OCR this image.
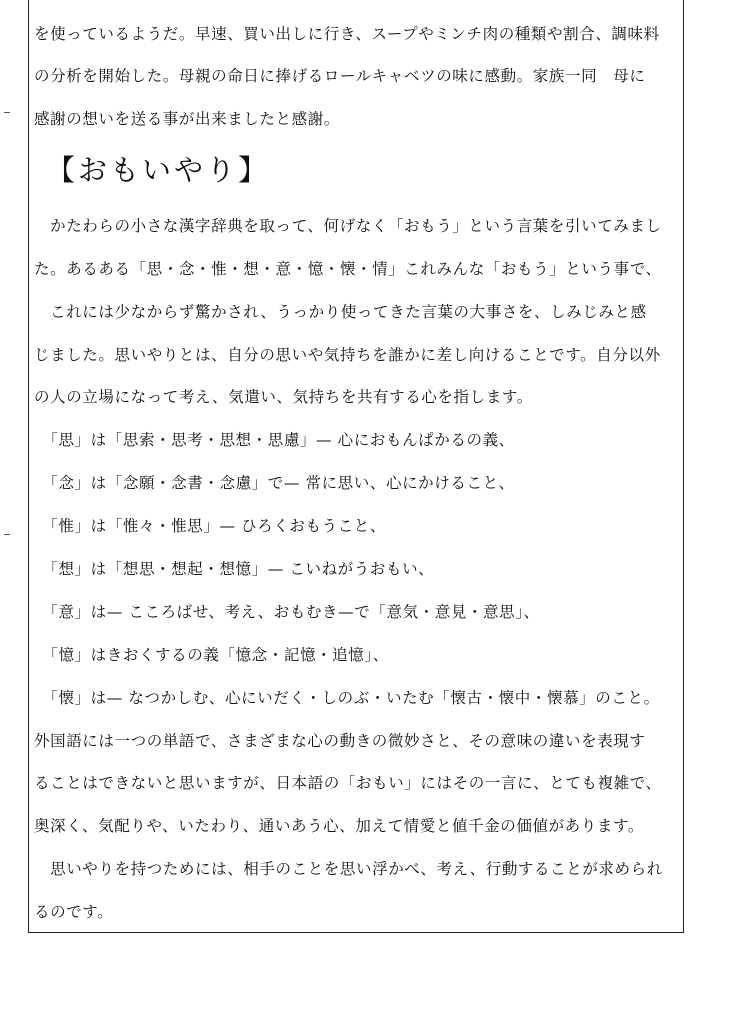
を使っているようだ。早速、買い出しに行き、スープやミンチ肉の種類や割合、調味料
の分析を開始した。母親の命日に捧げるロールキャベツの味に感動。家族一同　母に
感謝の想いを送る事が出来ましたと感謝。
【おもいやり】
　かたわらの小さな漢字辞典を取って、何げなく「おもう」という言葉を引いてみまし
た。あるある「思・念・惟・想・意・憶・懐・情」これみんな「おもう」という事で、
　これには少なからず驚かされ、うっかり使ってきた言葉の大事さを、しみじみと感
じました。思いやりとは、自分の思いや気持ちを誰かに差し向けることです。自分以外
の人の立場になって考え、気遣い、気持ちを共有する心を指します。
　「思」は「思索・思考・思想・思慮」— 心におもんぱかるの義、
　「念」は「念願・念書・念慮」で— 常に思い、心にかけること、
　「惟」は「惟々・惟思」— ひろくおもうこと、
　「想」は「想思・想起・想憶」— こいねがうおもい、
　「意」は— こころばせ、考え、おもむき—で「意気・意見・意思」、
　「憶」はきおくするの義「憶念・記憶・追憶」、
　「懐」は— なつかしむ、心にいだく・しのぶ・いたむ「懐古・懐中・懐慕」のこと。
外国語には一つの単語で、さまざまな心の動きの微妙さと、その意味の違いを表現す
ることはできないと思いますが、日本語の「おもい」にはその一言に、とても複雑で、
奥深く、気配りや、いたわり、通いあう心、加えて情愛と値千金の価値があります。
　思いやりを持つためには、相手のことを思い浮かべ、考え、行動することが求められ
るのです。
